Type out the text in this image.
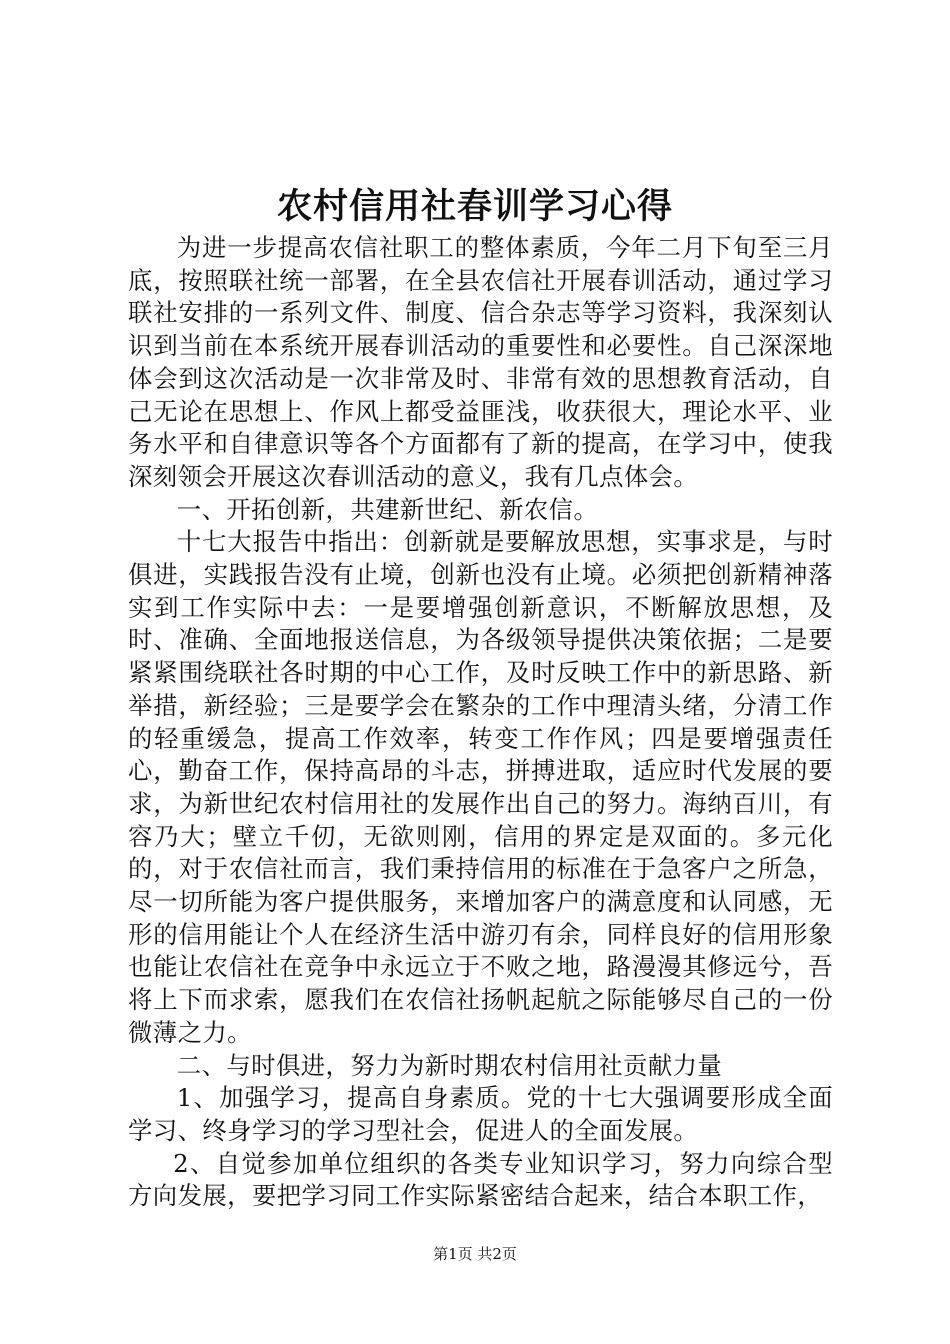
农村信用社春训学习心得

为进一步提高农信社职工的整体素质，今年二月下旬至三月底，按照联社统一部署，在全县农信社开展春训活动，通过学习联社安排的一系列文件、制度、信合杂志等学习资料，我深刻认识到当前在本系统开展春训活动的重要性和必要性。自己深深地体会到这次活动是一次非常及时、非常有效的思想教育活动，自己无论在思想上、作风上都受益匪浅，收获很大，理论水平、业务水平和自律意识等各个方面都有了新的提高，在学习中，使我深刻领会开展这次春训活动的意义，我有几点体会。

一、开拓创新，共建新世纪、新农信。

十七大报告中指出：创新就是要解放思想，实事求是，与时俱进，实践报告没有止境，创新也没有止境。必须把创新精神落实到工作实际中去：一是要增强创新意识，不断解放思想，及时、准确、全面地报送信息，为各级领导提供决策依据；二是要紧紧围绕联社各时期的中心工作，及时反映工作中的新思路、新举措，新经验；三是要学会在繁杂的工作中理清头绪，分清工作的轻重缓急，提高工作效率，转变工作作风；四是要增强责任心，勤奋工作，保持高昂的斗志，拼搏进取，适应时代发展的要求，为新世纪农村信用社的发展作出自己的努力。海纳百川，有容乃大；壁立千仞，无欲则刚，信用的界定是双面的。多元化的，对于农信社而言，我们秉持信用的标准在于急客户之所急，尽一切所能为客户提供服务，来增加客户的满意度和认同感，无形的信用能让个人在经济生活中游刃有余，同样良好的信用形象也能让农信社在竞争中永远立于不败之地，路漫漫其修远兮，吾将上下而求索，愿我们在农信社扬帆起航之际能够尽自己的一份微薄之力。

二、与时俱进，努力为新时期农村信用社贡献力量

1、加强学习，提高自身素质。党的十七大强调要形成全面学习、终身学习的学习型社会，促进人的全面发展。

2、自觉参加单位组织的各类专业知识学习，努力向综合型方向发展，要把学习同工作实际紧密结合起来，结合本职工作，

第1页 共2页
